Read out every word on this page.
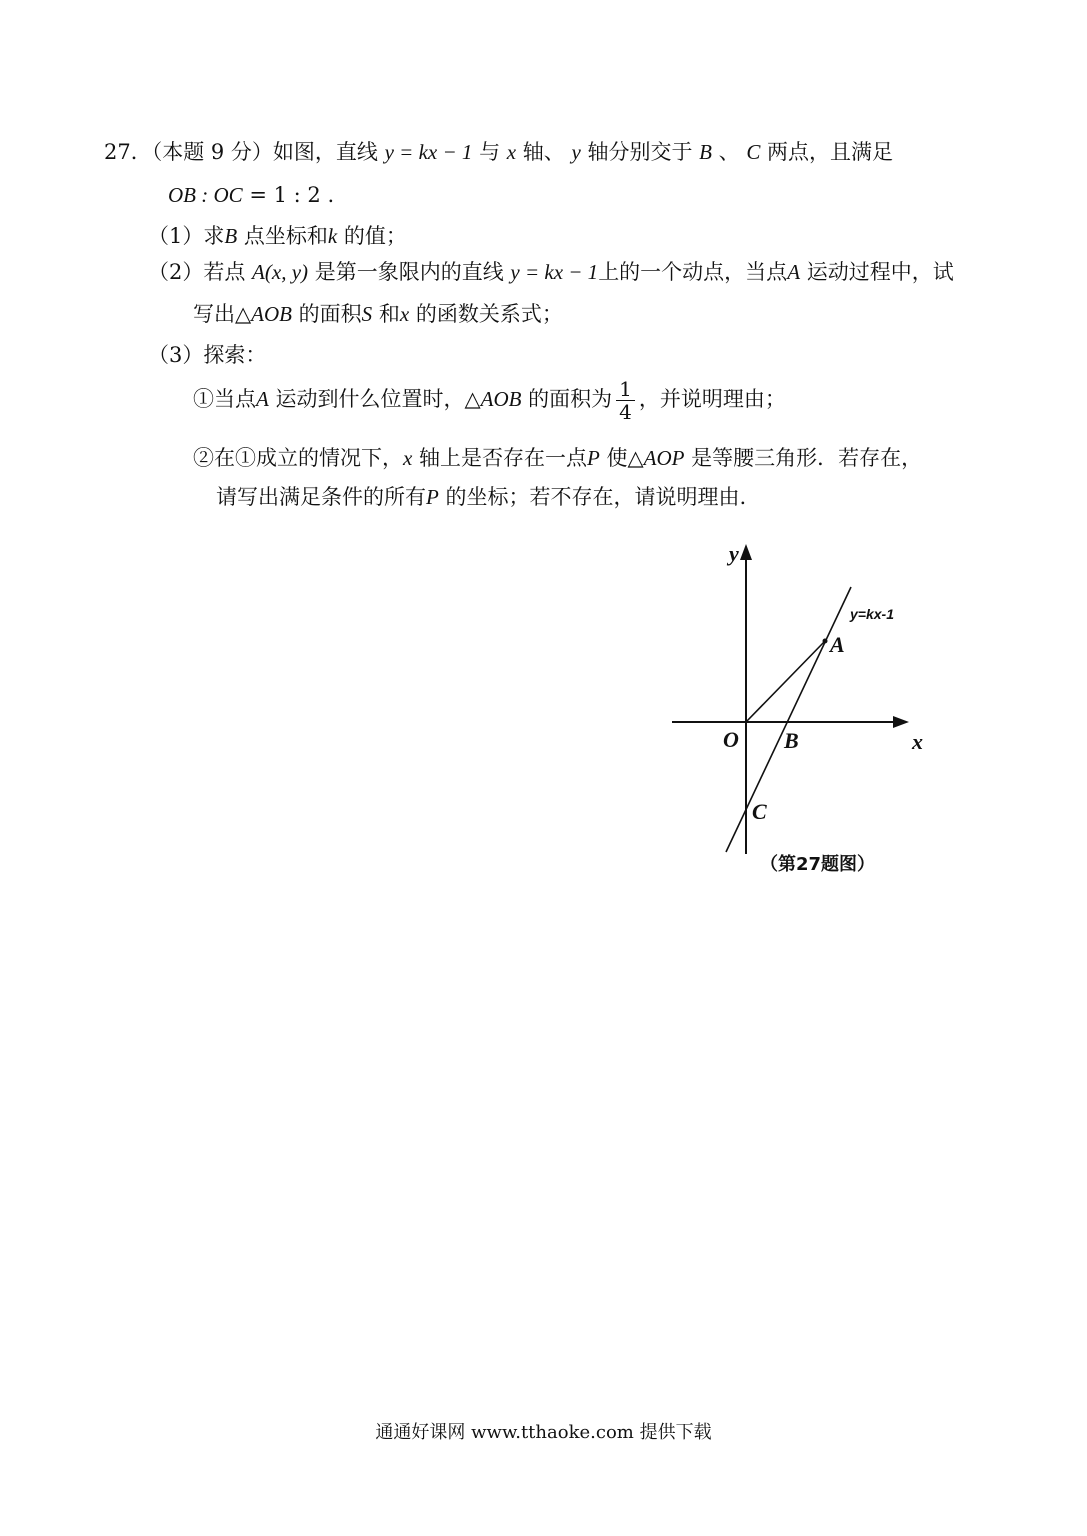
27．（本题 9 分）如图，直线 y = kx − 1 与 x 轴、 y 轴分别交于 B 、 C 两点，且满足
OB : OC = 1 : 2 .
（1）求B 点坐标和k 的值；
（2）若点 A(x, y) 是第一象限内的直线 y = kx − 1上的一个动点，当点A 运动过程中，试
写出△AOB 的面积S 和x 的函数关系式；
（3）探索：
①当点A 运动到什么位置时，△AOB 的面积为 $\frac{1}{4}$ ，并说明理由；
②在①成立的情况下，x 轴上是否存在一点P 使△AOP 是等腰三角形．若存在，
请写出满足条件的所有P 的坐标；若不存在，请说明理由.
y
x
O
A
B
C
y=kx-1
（第27题图）
通通好课网 www.tthaoke.com 提供下载
